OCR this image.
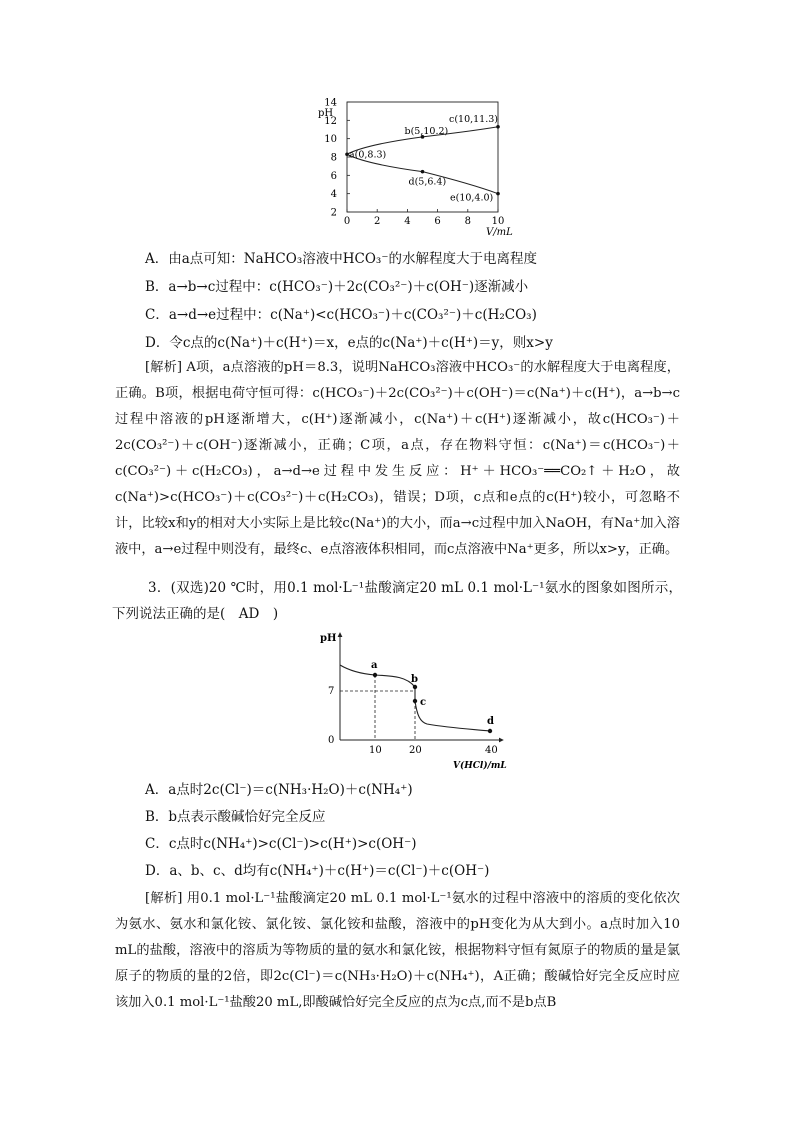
2
4
6
8
10
12
14
0 2 4 6 8 10
a(0,8.3)
b(5,10.2)
c(10,11.3)
d(5,6.4)
e(10,4.0)
pH
V/mL
A．由a点可知：NaHCO₃溶液中HCO₃⁻的水解程度大于电离程度
B．a→b→c过程中：c(HCO₃⁻)＋2c(CO₃²⁻)＋c(OH⁻)逐渐减小
C．a→d→e过程中：c(Na⁺)<c(HCO₃⁻)＋c(CO₃²⁻)＋c(H₂CO₃)
D．令c点的c(Na⁺)＋c(H⁺)＝x，e点的c(Na⁺)＋c(H⁺)＝y，则x>y
[解析] A项，a点溶液的pH＝8.3，说明NaHCO₃溶液中HCO₃⁻的水解程度大于电离程度，正确。B项，根据电荷守恒可得：c(HCO₃⁻)＋2c(CO₃²⁻)＋c(OH⁻)＝c(Na⁺)＋c(H⁺)，a→b→c过程中溶液的pH逐渐增大，c(H⁺)逐渐减小，c(Na⁺)＋c(H⁺)逐渐减小，故c(HCO₃⁻)＋2c(CO₃²⁻)＋c(OH⁻)逐渐减小，正确；C项，a点，存在物料守恒：c(Na⁺)＝c(HCO₃⁻)＋c(CO₃²⁻)＋c(H₂CO₃)，a→d→e过程中发生反应：H⁺＋HCO₃⁻══CO₂↑＋H₂O，故c(Na⁺)>c(HCO₃⁻)＋c(CO₃²⁻)＋c(H₂CO₃)，错误；D项，c点和e点的c(H⁺)较小，可忽略不计，比较x和y的相对大小实际上是比较c(Na⁺)的大小，而a→c过程中加入NaOH，有Na⁺加入溶液中，a→e过程中则没有，最终c、e点溶液体积相同，而c点溶液中Na⁺更多，所以x>y，正确。
3．(双选)20 ℃时，用0.1 mol·L⁻¹盐酸滴定20 mL 0.1 mol·L⁻¹氨水的图象如图所示，下列说法正确的是(　AD　)
a
b
c
d
pH
7
0
10	20	40
V(HCl)/mL
A．a点时2c(Cl⁻)＝c(NH₃·H₂O)＋c(NH₄⁺)
B．b点表示酸碱恰好完全反应
C．c点时c(NH₄⁺)>c(Cl⁻)>c(H⁺)>c(OH⁻)
D．a、b、c、d均有c(NH₄⁺)＋c(H⁺)＝c(Cl⁻)＋c(OH⁻)
[解析] 用0.1 mol·L⁻¹盐酸滴定20 mL 0.1 mol·L⁻¹氨水的过程中溶液中的溶质的变化依次为氨水、氨水和氯化铵、氯化铵、氯化铵和盐酸，溶液中的pH变化为从大到小。a点时加入10 mL的盐酸，溶液中的溶质为等物质的量的氨水和氯化铵，根据物料守恒有氮原子的物质的量是氯原子的物质的量的2倍，即2c(Cl⁻)＝c(NH₃·H₂O)＋c(NH₄⁺)，A正确；酸碱恰好完全反应时应该加入0.1 mol·L⁻¹盐酸20 mL,即酸碱恰好完全反应的点为c点,而不是b点B
